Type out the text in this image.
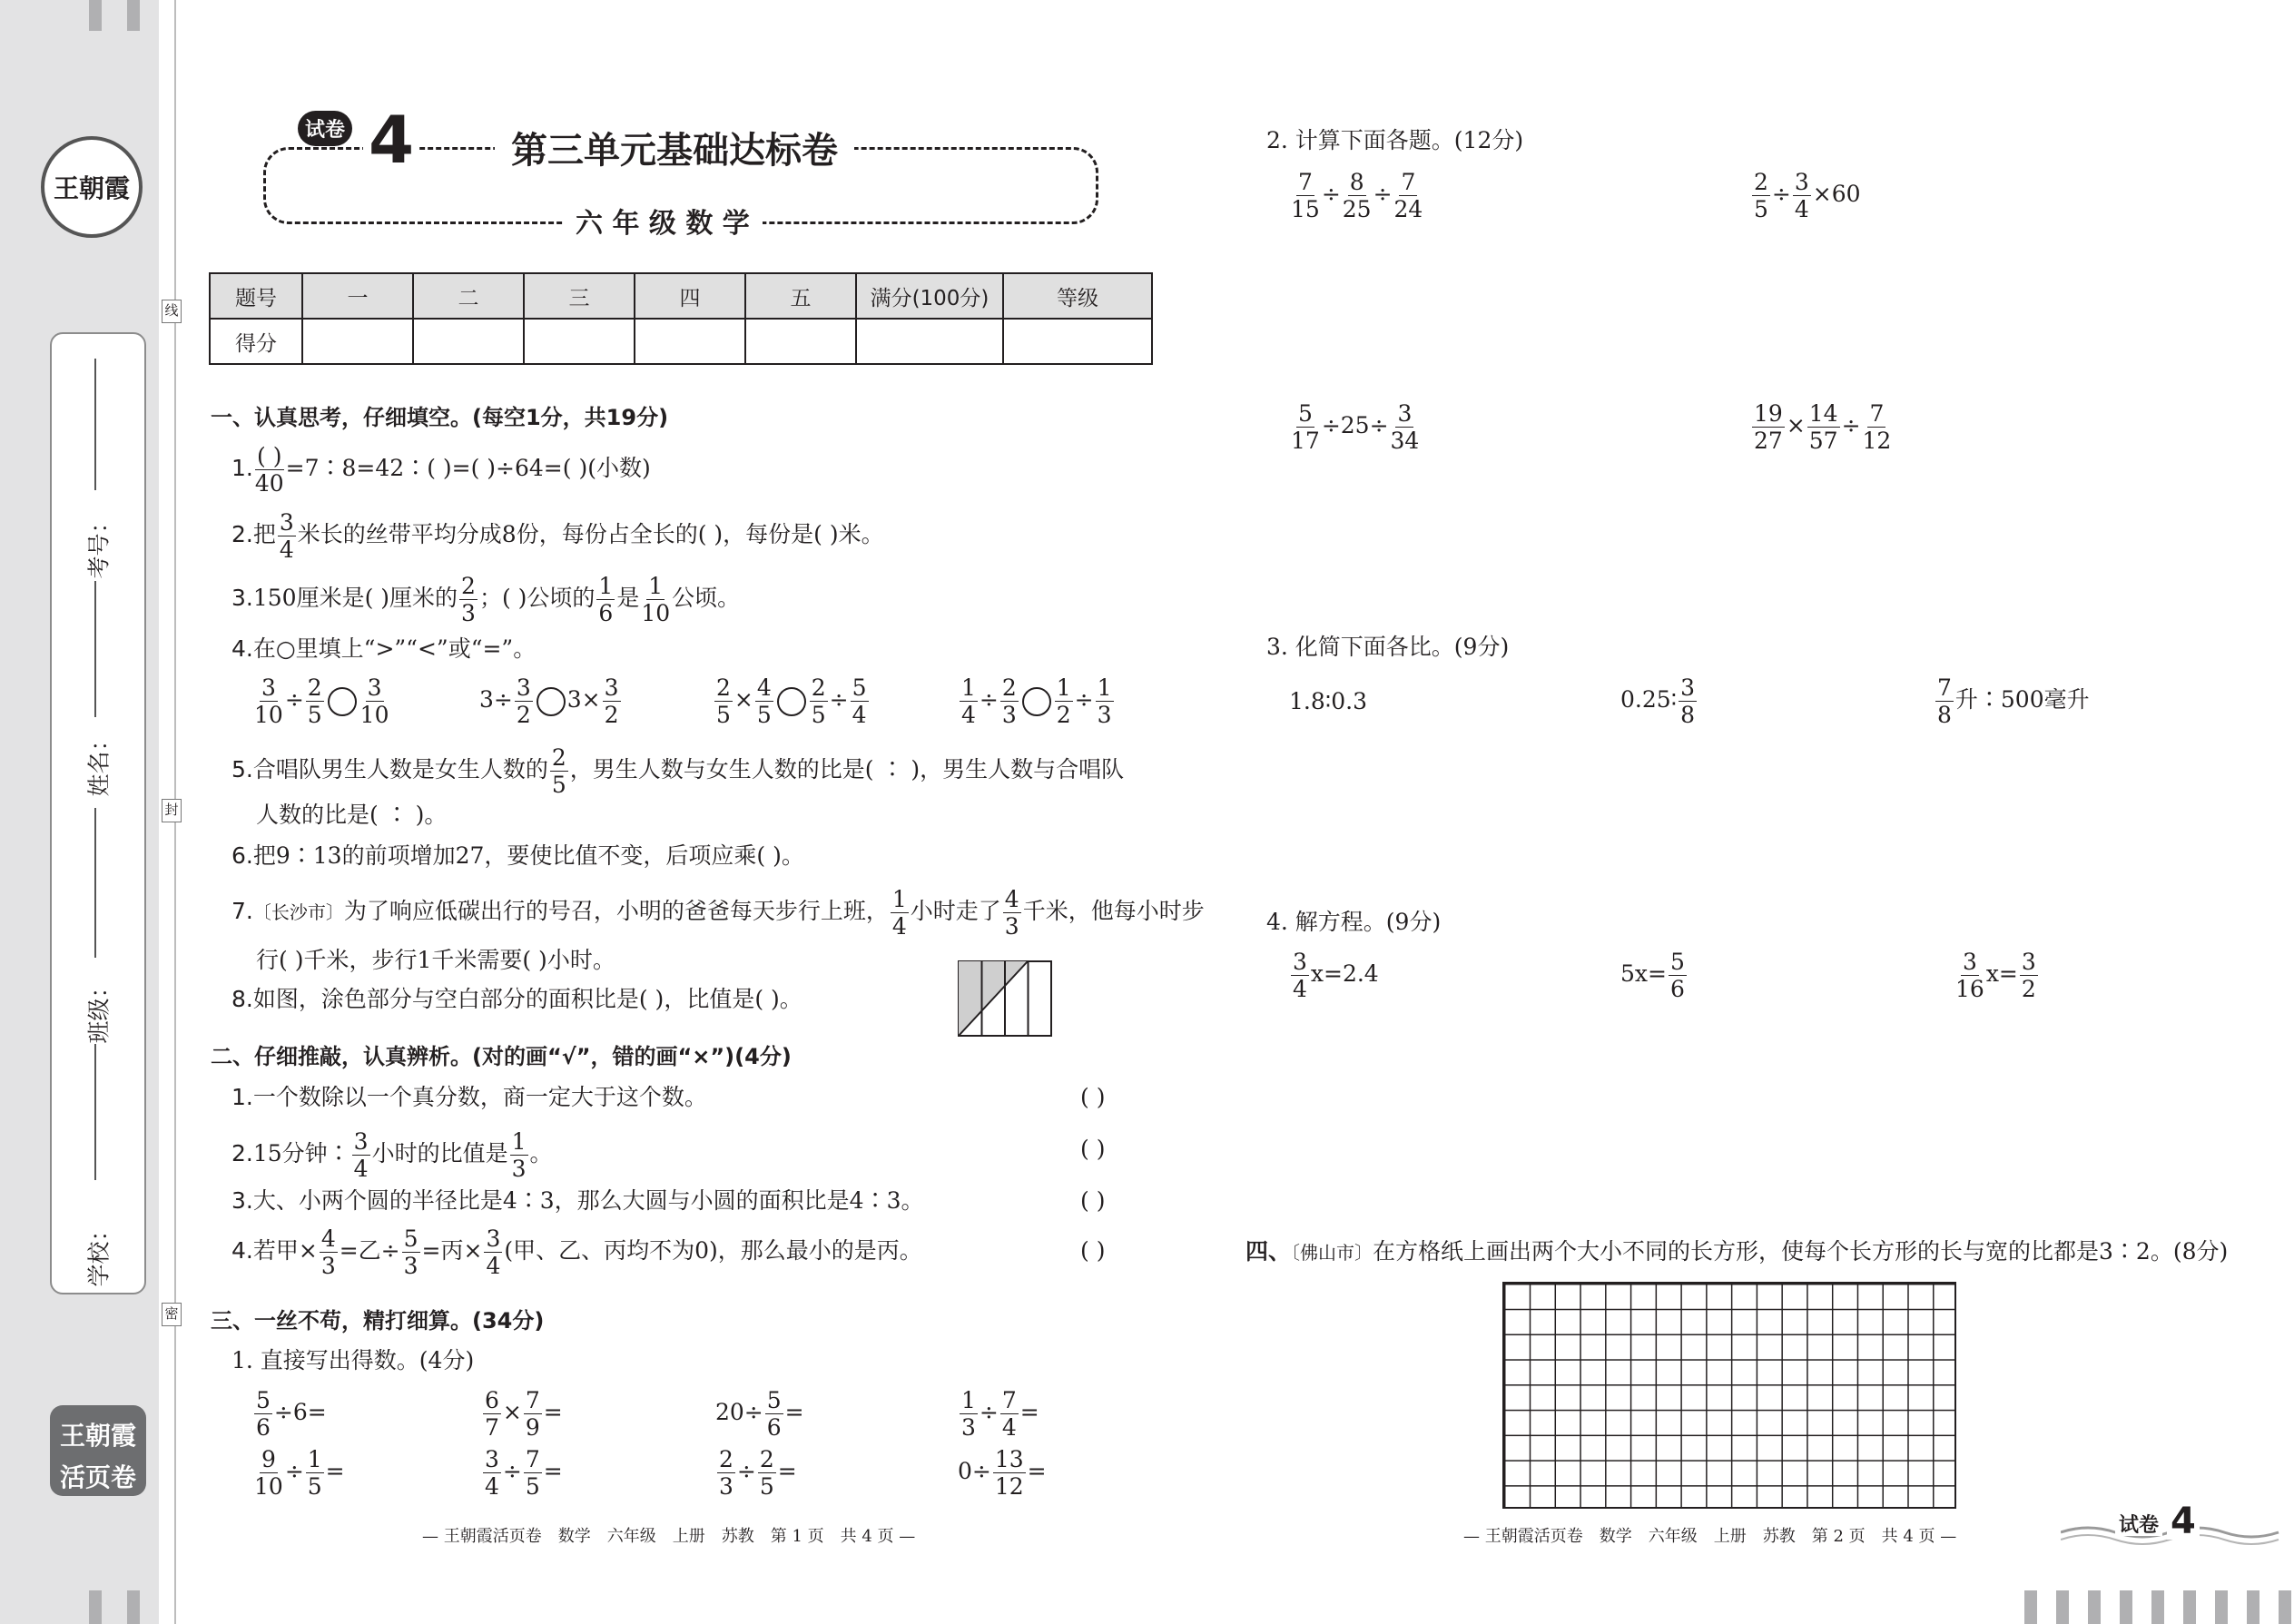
王朝霞
考号：
姓名：
班级：
学校：
线
封
密
王朝霞
活页卷
试卷 4	第三单元基础达标卷
六 年 级 数 学
题号	一	二	三	四	五	满分(100分)	等级
得分							
一、认真思考，仔细填空。(每空1分，共19分)
1. $\frac{( )}{40}$ =7∶8=42∶( )=( )÷64=( )(小数)
2.把 $\frac{3}{4}$ 米长的丝带平均分成8份，每份占全长的( )，每份是( )米。
3.150厘米是( )厘米的 $\frac{2}{3}$ ；( )公顷的 $\frac{1}{6}$ 是 $\frac{1}{10}$ 公顷。
4.在○里填上“>”“<”或“=”。
$\frac{3}{10} \div \frac{2}{5} \frac{3}{10}$	$3\div \frac{3}{2} 3\times \frac{3}{2}$	$\frac{2}{5} \times \frac{4}{5} \frac{2}{5} \div \frac{5}{4}$	$\frac{1}{4} \div \frac{2}{3} \frac{1}{2} \div \frac{1}{3}$
5.合唱队男生人数是女生人数的 $\frac{2}{5}$ ，男生人数与女生人数的比是( ∶ )，男生人数与合唱队
人数的比是( ∶ )。
6.把9∶13的前项增加27，要使比值不变，后项应乘( )。
7.〔长沙市〕为了响应低碳出行的号召，小明的爸爸每天步行上班， $\frac{1}{4}$ 小时走了 $\frac{4}{3}$ 千米，他每小时步
行( )千米，步行1千米需要( )小时。
8.如图，涂色部分与空白部分的面积比是( )，比值是( )。
二、仔细推敲，认真辨析。(对的画“√”，错的画“×”)(4分)
1.一个数除以一个真分数，商一定大于这个数。	( )
2.15分钟∶ $\frac{3}{4}$ 小时的比值是 $\frac{1}{3}$ 。	( )
3.大、小两个圆的半径比是4∶3，那么大圆与小圆的面积比是4∶3。	( )
4.若甲× $\frac{4}{3}$ =乙÷ $\frac{5}{3}$ =丙× $\frac{3}{4}$ (甲、乙、丙均不为0)，那么最小的是丙。	( )
三、一丝不苟，精打细算。(34分)
1. 直接写出得数。(4分)
$\frac{5}{6} \div 6=$	$\frac{6}{7} \times \frac{7}{9}$ =	$20\div \frac{5}{6}$ =	$\frac{1}{3} \div \frac{7}{4}$ =
$\frac{9}{10} \div \frac{1}{5}$ =	$\frac{3}{4} \div \frac{7}{5}$ =	$\frac{2}{3} \div \frac{2}{5}$ =	$0\div \frac{13}{12}$ =
— 王朝霞活页卷　数学　六年级　上册　苏教　第 1 页　共 4 页 —
2. 计算下面各题。(12分)
$\frac{7}{15} \div \frac{8}{25} \div \frac{7}{24}$	$\frac{2}{5} \div \frac{3}{4} \times 60$
$\frac{5}{17} \div 25\div \frac{3}{34}$	$\frac{19}{27} \times \frac{14}{57} \div \frac{7}{12}$
3. 化简下面各比。(9分)
1.8∶0.3	0.25∶ $\frac{3}{8}$	$\frac{7}{8}$ 升∶500毫升
4. 解方程。(9分)
$\frac{3}{4} x=2.4$	$5x= \frac{5}{6}$	$\frac{3}{16} x= \frac{3}{2}$
四、〔佛山市〕在方格纸上画出两个大小不同的长方形，使每个长方形的长与宽的比都是3∶2。(8分)
— 王朝霞活页卷　数学　六年级　上册　苏教　第 2 页　共 4 页 —	试卷 4
